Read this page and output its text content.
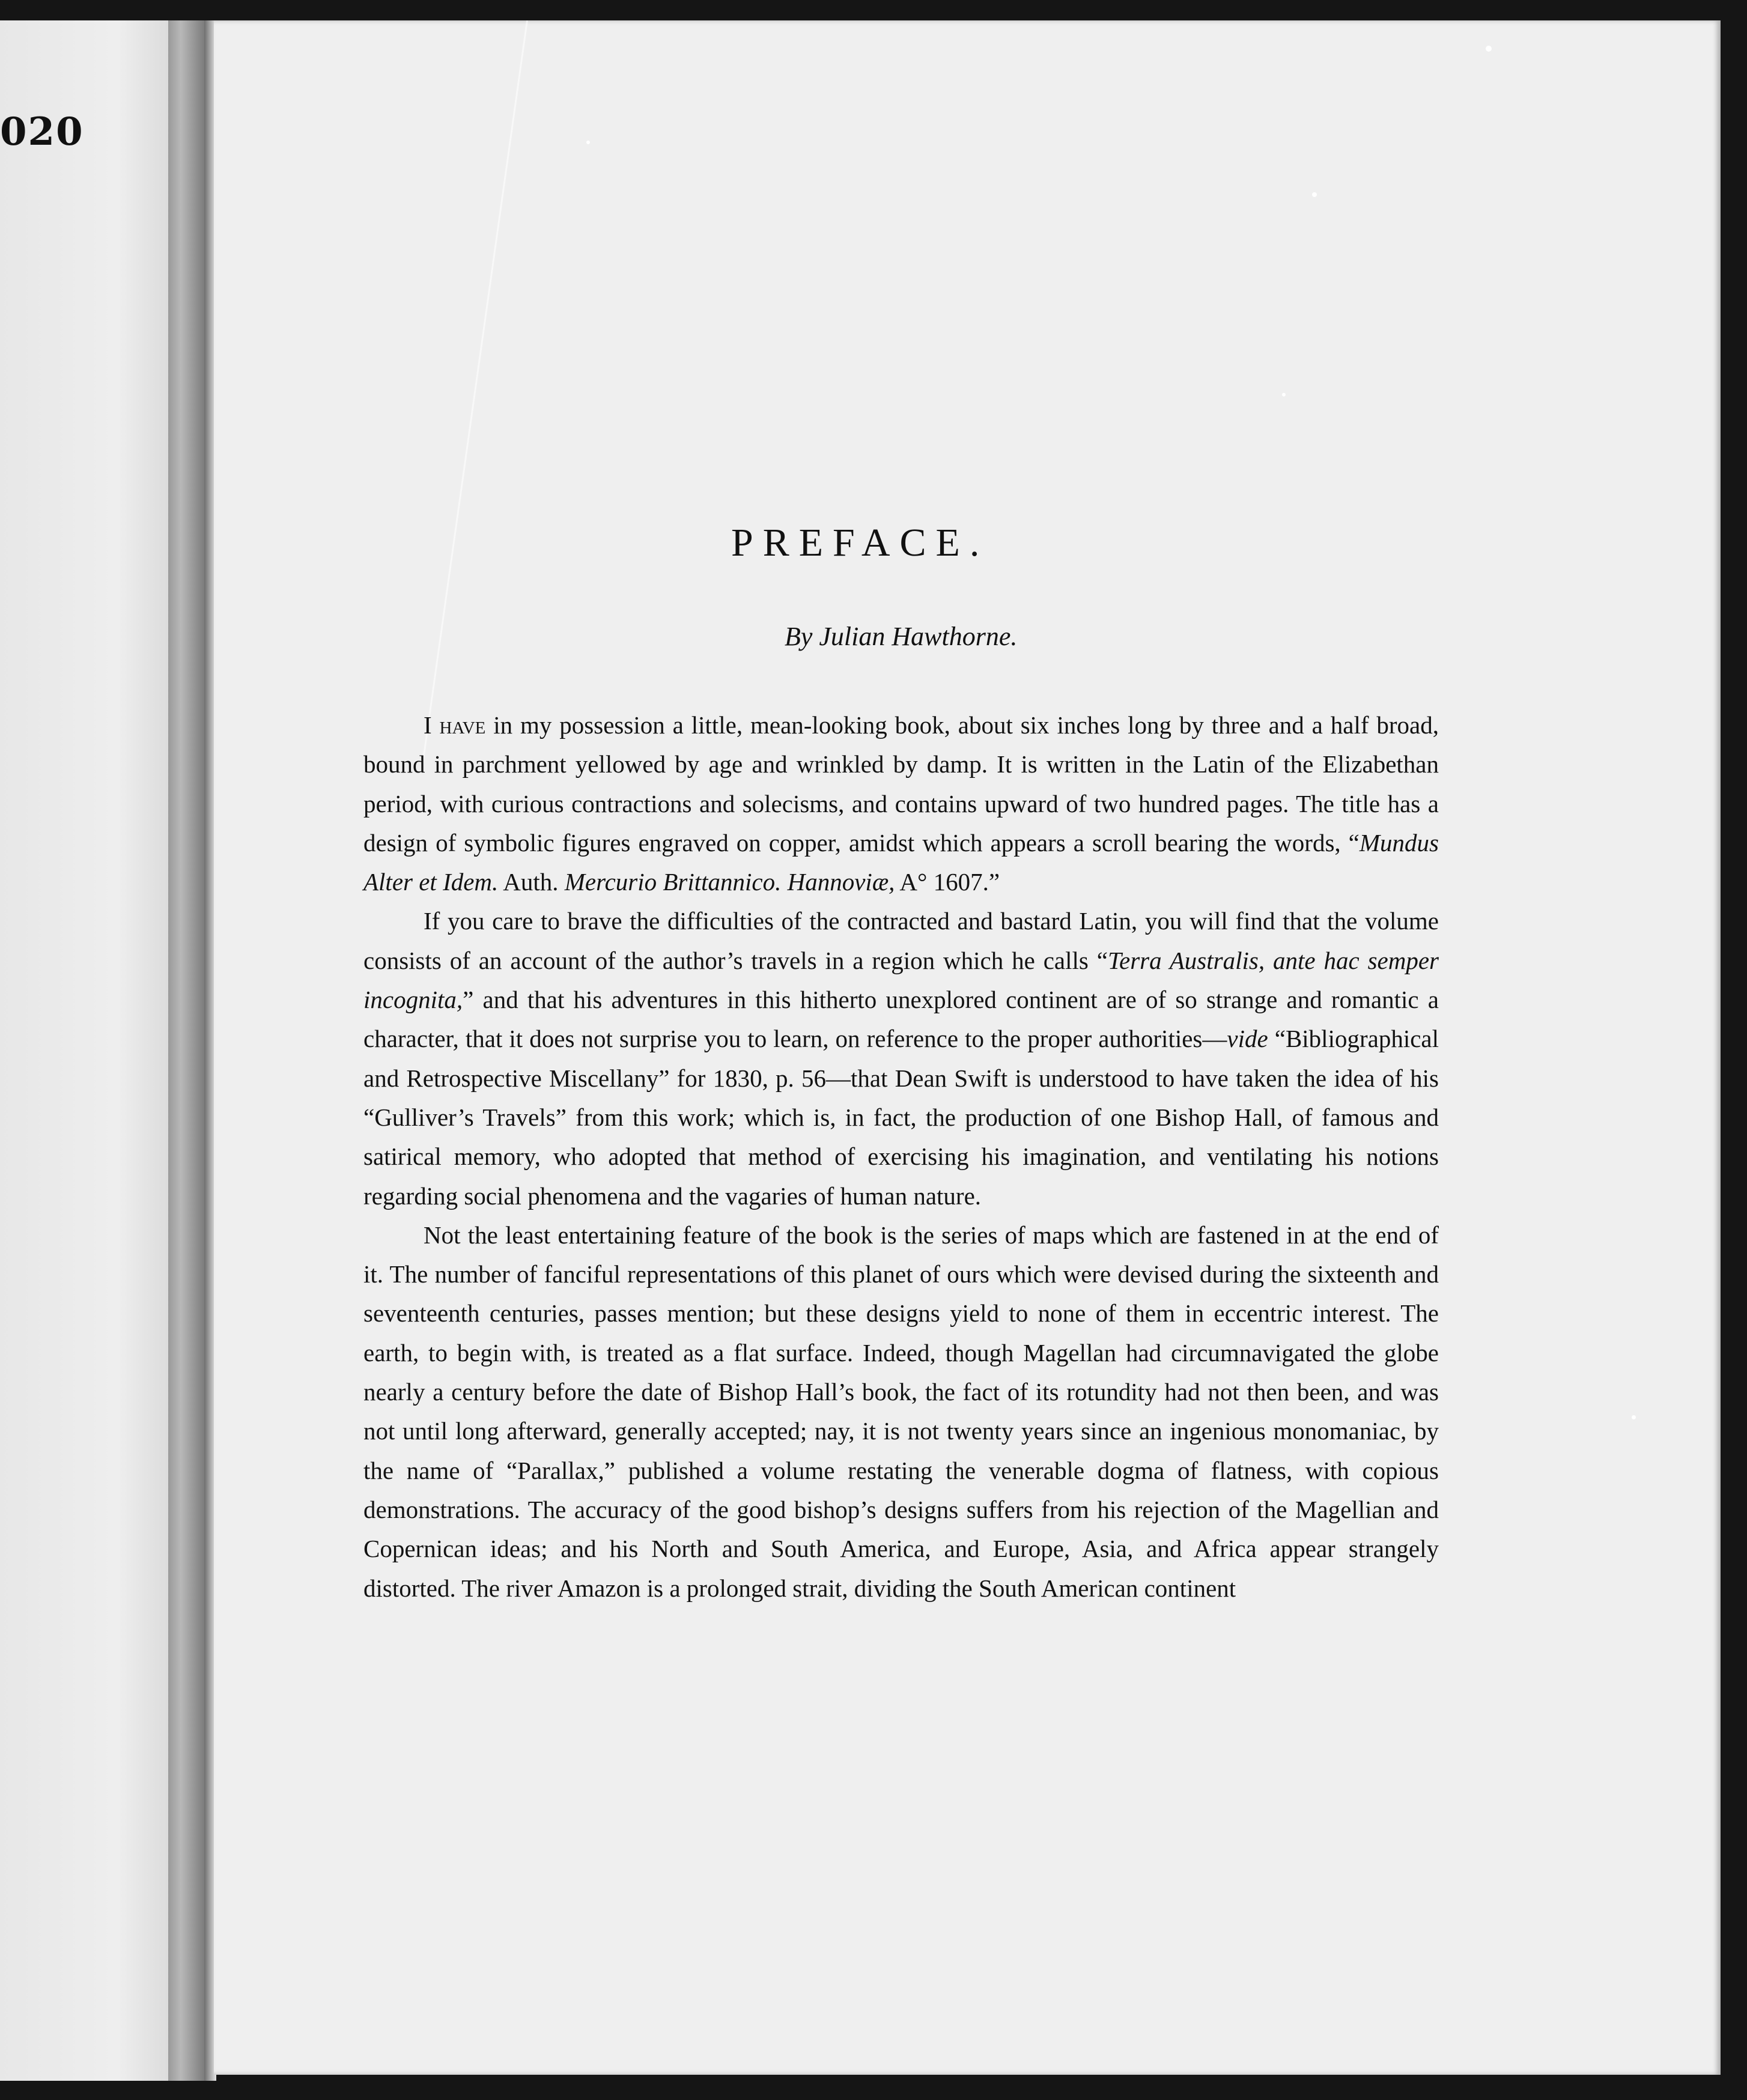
020
PREFACE.
By Julian Hawthorne.

I have in my possession a little, mean-looking book, about six inches long by three and a half broad, bound in parchment yellowed by age and wrinkled by damp. It is written in the Latin of the Elizabethan period, with curious contractions and solecisms, and contains upward of two hundred pages. The title has a design of symbolic figures engraved on copper, amidst which appears a scroll bearing the words, “Mundus Alter et Idem. Auth. Mercurio Brittannico. Hannoviæ, A° 1607.”

If you care to brave the difficulties of the contracted and bastard Latin, you will find that the volume consists of an account of the author’s travels in a region which he calls “Terra Australis, ante hac semper incognita,” and that his adventures in this hitherto unexplored continent are of so strange and romantic a character, that it does not surprise you to learn, on reference to the proper authorities—vide “Bibliographical and Retrospective Miscellany” for 1830, p. 56—that Dean Swift is understood to have taken the idea of his “Gulliver’s Travels” from this work; which is, in fact, the production of one Bishop Hall, of famous and satirical memory, who adopted that method of exercising his imagination, and ventilating his notions regarding social phenomena and the vagaries of human nature.

Not the least entertaining feature of the book is the series of maps which are fastened in at the end of it. The number of fanciful representations of this planet of ours which were devised during the sixteenth and seventeenth centuries, passes mention; but these designs yield to none of them in eccentric interest. The earth, to begin with, is treated as a flat surface. Indeed, though Magellan had circumnavigated the globe nearly a century before the date of Bishop Hall’s book, the fact of its rotundity had not then been, and was not until long afterward, generally accepted; nay, it is not twenty years since an ingenious monomaniac, by the name of “Parallax,” published a volume restating the venerable dogma of flatness, with copious demonstrations. The accuracy of the good bishop’s designs suffers from his rejection of the Magellian and Copernican ideas; and his North and South America, and Europe, Asia, and Africa appear strangely distorted. The river Amazon is a prolonged strait, dividing the South American continent
